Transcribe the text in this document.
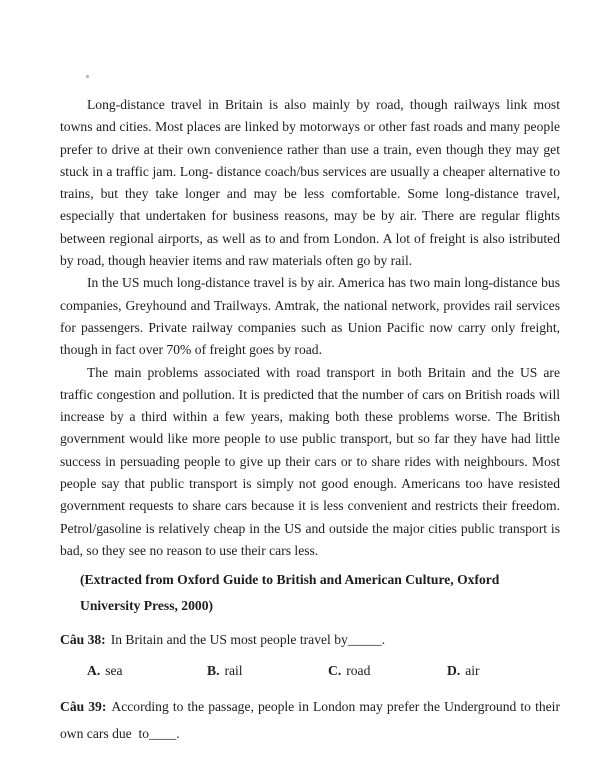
Long-distance travel in Britain is also mainly by road, though railways link most towns and cities. Most places are linked by motorways or other fast roads and many people prefer to drive at their own convenience rather than use a train, even though they may get stuck in a traffic jam. Long- distance coach/bus services are usually a cheaper alternative to trains, but they take longer and may be less comfortable. Some long-distance travel, especially that undertaken for business reasons, may be by air. There are regular flights between regional airports, as well as to and from London. A lot of freight is also istributed by road, though heavier items and raw materials often go by rail.

In the US much long-distance travel is by air. America has two main long-distance bus companies, Greyhound and Trailways. Amtrak, the national network, provides rail services for passengers. Private railway companies such as Union Pacific now carry only freight, though in fact over 70% of freight goes by road.

The main problems associated with road transport in both Britain and the US are traffic congestion and pollution. It is predicted that the number of cars on British roads will increase by a third within a few years, making both these problems worse. The British government would like more people to use public transport, but so far they have had little success in persuading people to give up their cars or to share rides with neighbours. Most people say that public transport is simply not good enough. Americans too have resisted government requests to share cars because it is less convenient and restricts their freedom. Petrol/gasoline is relatively cheap in the US and outside the major cities public transport is bad, so they see no reason to use their cars less.

(Extracted from Oxford Guide to British and American Culture, Oxford
University Press, 2000)
Câu 38: In Britain and the US most people travel by_____.
A. sea	B. rail	C. road	D. air
Câu 39: According to the passage, people in London may prefer the Underground to their own cars due  to____.
